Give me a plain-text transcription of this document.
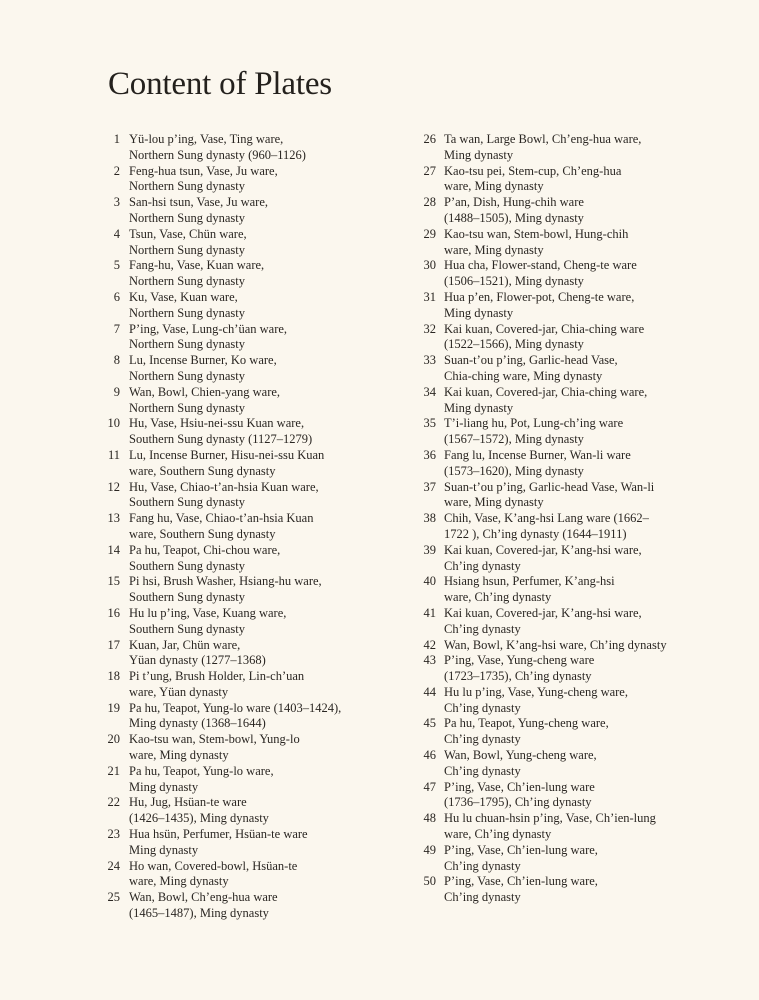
Content of Plates
1 Yü-lou p’ing, Vase, Ting ware,
Northern Sung dynasty (960–1126)
2 Feng-hua tsun, Vase, Ju ware,
Northern Sung dynasty
3 San-hsi tsun, Vase, Ju ware,
Northern Sung dynasty
4 Tsun, Vase, Chün ware,
Northern Sung dynasty
5 Fang-hu, Vase, Kuan ware,
Northern Sung dynasty
6 Ku, Vase, Kuan ware,
Northern Sung dynasty
7 P’ing, Vase, Lung-ch’üan ware,
Northern Sung dynasty
8 Lu, Incense Burner, Ko ware,
Northern Sung dynasty
9 Wan, Bowl, Chien-yang ware,
Northern Sung dynasty
10 Hu, Vase, Hsiu-nei-ssu Kuan ware,
Southern Sung dynasty (1127–1279)
11 Lu, Incense Burner, Hisu-nei-ssu Kuan
ware, Southern Sung dynasty
12 Hu, Vase, Chiao-t’an-hsia Kuan ware,
Southern Sung dynasty
13 Fang hu, Vase, Chiao-t’an-hsia Kuan
ware, Southern Sung dynasty
14 Pa hu, Teapot, Chi-chou ware,
Southern Sung dynasty
15 Pi hsi, Brush Washer, Hsiang-hu ware,
Southern Sung dynasty
16 Hu lu p’ing, Vase, Kuang ware,
Southern Sung dynasty
17 Kuan, Jar, Chün ware,
Yüan dynasty (1277–1368)
18 Pi t’ung, Brush Holder, Lin-ch’uan
ware, Yüan dynasty
19 Pa hu, Teapot, Yung-lo ware (1403–1424),
Ming dynasty (1368–1644)
20 Kao-tsu wan, Stem-bowl, Yung-lo
ware, Ming dynasty
21 Pa hu, Teapot, Yung-lo ware,
Ming dynasty
22 Hu, Jug, Hsüan-te ware
(1426–1435), Ming dynasty
23 Hua hsün, Perfumer, Hsüan-te ware
Ming dynasty
24 Ho wan, Covered-bowl, Hsüan-te
ware, Ming dynasty
25 Wan, Bowl, Ch’eng-hua ware
(1465–1487), Ming dynasty
26 Ta wan, Large Bowl, Ch’eng-hua ware,
Ming dynasty
27 Kao-tsu pei, Stem-cup, Ch’eng-hua
ware, Ming dynasty
28 P’an, Dish, Hung-chih ware
(1488–1505), Ming dynasty
29 Kao-tsu wan, Stem-bowl, Hung-chih
ware, Ming dynasty
30 Hua cha, Flower-stand, Cheng-te ware
(1506–1521), Ming dynasty
31 Hua p’en, Flower-pot, Cheng-te ware,
Ming dynasty
32 Kai kuan, Covered-jar, Chia-ching ware
(1522–1566), Ming dynasty
33 Suan-t’ou p’ing, Garlic-head Vase,
Chia-ching ware, Ming dynasty
34 Kai kuan, Covered-jar, Chia-ching ware,
Ming dynasty
35 T’i-liang hu, Pot, Lung-ch’ing ware
(1567–1572), Ming dynasty
36 Fang lu, Incense Burner, Wan-li ware
(1573–1620), Ming dynasty
37 Suan-t’ou p’ing, Garlic-head Vase, Wan-li
ware, Ming dynasty
38 Chih, Vase, K’ang-hsi Lang ware (1662–
1722 ), Ch’ing dynasty (1644–1911)
39 Kai kuan, Covered-jar, K’ang-hsi ware,
Ch’ing dynasty
40 Hsiang hsun, Perfumer, K’ang-hsi
ware, Ch’ing dynasty
41 Kai kuan, Covered-jar, K’ang-hsi ware,
Ch’ing dynasty
42 Wan, Bowl, K’ang-hsi ware, Ch’ing dynasty
43 P’ing, Vase, Yung-cheng ware
(1723–1735), Ch’ing dynasty
44 Hu lu p’ing, Vase, Yung-cheng ware,
Ch’ing dynasty
45 Pa hu, Teapot, Yung-cheng ware,
Ch’ing dynasty
46 Wan, Bowl, Yung-cheng ware,
Ch’ing dynasty
47 P’ing, Vase, Ch’ien-lung ware
(1736–1795), Ch’ing dynasty
48 Hu lu chuan-hsin p’ing, Vase, Ch’ien-lung
ware, Ch’ing dynasty
49 P’ing, Vase, Ch’ien-lung ware,
Ch’ing dynasty
50 P’ing, Vase, Ch’ien-lung ware,
Ch’ing dynasty
